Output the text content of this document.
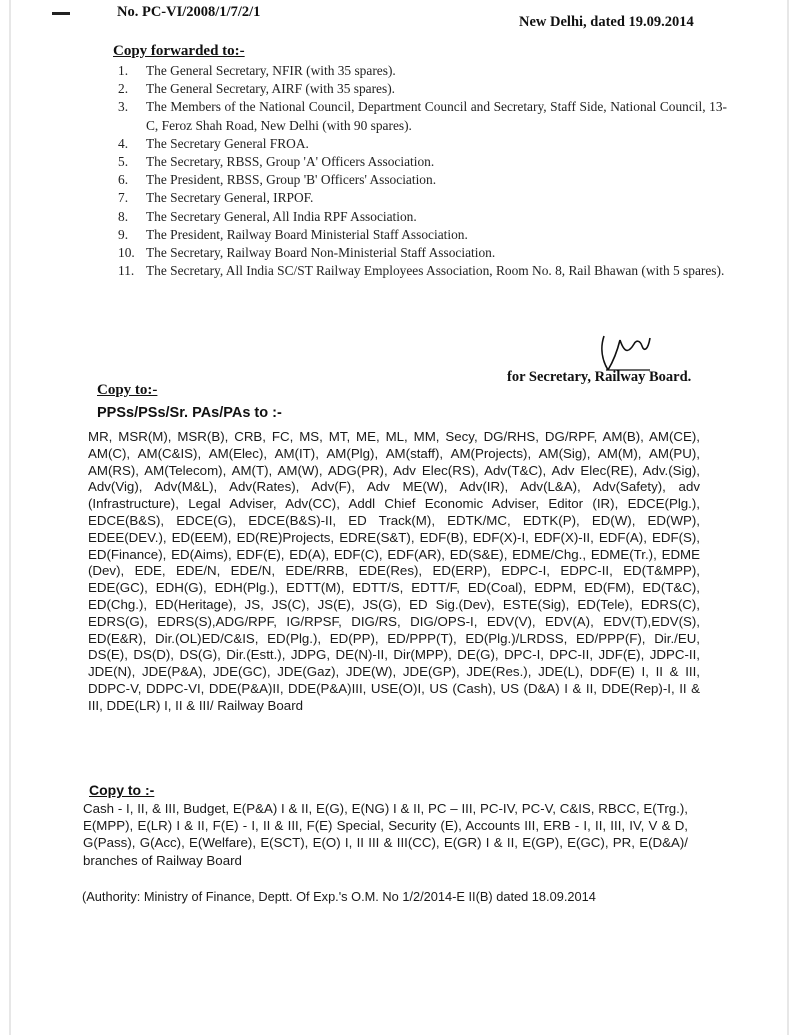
No. PC-VI/2008/1/7/2/1
New Delhi, dated 19.09.2014
Copy forwarded to:-
1.	The General Secretary, NFIR (with 35 spares).
2.	The General Secretary, AIRF (with 35 spares).
3.	The Members of the National Council, Department Council and Secretary, Staff Side, National Council, 13-C, Feroz Shah Road, New Delhi (with 90 spares).
4.	The Secretary General FROA.
5.	The Secretary, RBSS, Group 'A' Officers Association.
6.	The President, RBSS, Group 'B' Officers' Association.
7.	The Secretary General, IRPOF.
8.	The Secretary General, All India RPF Association.
9.	The President, Railway Board Ministerial Staff Association.
10. The Secretary, Railway Board Non-Ministerial Staff Association.
11. The Secretary, All India SC/ST Railway Employees Association, Room No. 8, Rail Bhawan (with 5 spares).
for Secretary, Railway Board.
Copy to:-
PPSs/PSs/Sr. PAs/PAs to :-
MR, MSR(M), MSR(B), CRB, FC, MS, MT, ME, ML, MM, Secy, DG/RHS, DG/RPF, AM(B), AM(CE), AM(C), AM(C&IS), AM(Elec), AM(IT), AM(Plg), AM(staff), AM(Projects), AM(Sig), AM(M), AM(PU), AM(RS), AM(Telecom), AM(T), AM(W), ADG(PR), Adv Elec(RS), Adv(T&C), Adv Elec(RE), Adv.(Sig), Adv(Vig), Adv(M&L), Adv(Rates), Adv(F), Adv ME(W), Adv(IR), Adv(L&A), Adv(Safety), adv (Infrastructure), Legal Adviser, Adv(CC), Addl Chief Economic Adviser, Editor (IR), EDCE(Plg.), EDCE(B&S), EDCE(G), EDCE(B&S)-II, ED Track(M), EDTK/MC, EDTK(P), ED(W), ED(WP), EDEE(DEV.), ED(EEM), ED(RE)Projects, EDRE(S&T), EDF(B), EDF(X)-I, EDF(X)-II, EDF(A), EDF(S), ED(Finance), ED(Aims), EDF(E), ED(A), EDF(C), EDF(AR), ED(S&E), EDME/Chg., EDME(Tr.), EDME (Dev), EDE, EDE/N, EDE/N, EDE/RRB, EDE(Res), ED(ERP), EDPC-I, EDPC-II, ED(T&MPP), EDE(GC), EDH(G), EDH(Plg.), EDTT(M), EDTT/S, EDTT/F, ED(Coal), EDPM, ED(FM), ED(T&C), ED(Chg.), ED(Heritage), JS, JS(C), JS(E), JS(G), ED Sig.(Dev), ESTE(Sig), ED(Tele), EDRS(C), EDRS(G), EDRS(S),ADG/RPF, IG/RPSF, DIG/RS, DIG/OPS-I, EDV(V), EDV(A), EDV(T),EDV(S), ED(E&R), Dir.(OL)ED/C&IS, ED(Plg.), ED(PP), ED/PPP(T), ED(Plg.)/LRDSS, ED/PPP(F), Dir./EU, DS(E), DS(D), DS(G), Dir.(Estt.), JDPG, DE(N)-II, Dir(MPP), DE(G), DPC-I, DPC-II, JDF(E), JDPC-II, JDE(N), JDE(P&A), JDE(GC), JDE(Gaz), JDE(W), JDE(GP), JDE(Res.), JDE(L), DDF(E) I, II & III, DDPC-V, DDPC-VI, DDE(P&A)II, DDE(P&A)III, USE(O)I, US (Cash), US (D&A) I & II, DDE(Rep)-I, II & III, DDE(LR) I, II & III/ Railway Board
Copy to :-
Cash - I, II, & III, Budget, E(P&A) I & II, E(G), E(NG) I & II, PC – III, PC-IV, PC-V, C&IS, RBCC, E(Trg.), E(MPP), E(LR) I & II, F(E) - I, II & III, F(E) Special, Security (E), Accounts III, ERB - I, II, III, IV, V & D, G(Pass), G(Acc), E(Welfare), E(SCT), E(O) I, II III & III(CC), E(GR) I & II, E(GP), E(GC), PR, E(D&A)/ branches of Railway Board
(Authority: Ministry of Finance, Deptt. Of Exp.'s O.M. No 1/2/2014-E II(B) dated 18.09.2014
